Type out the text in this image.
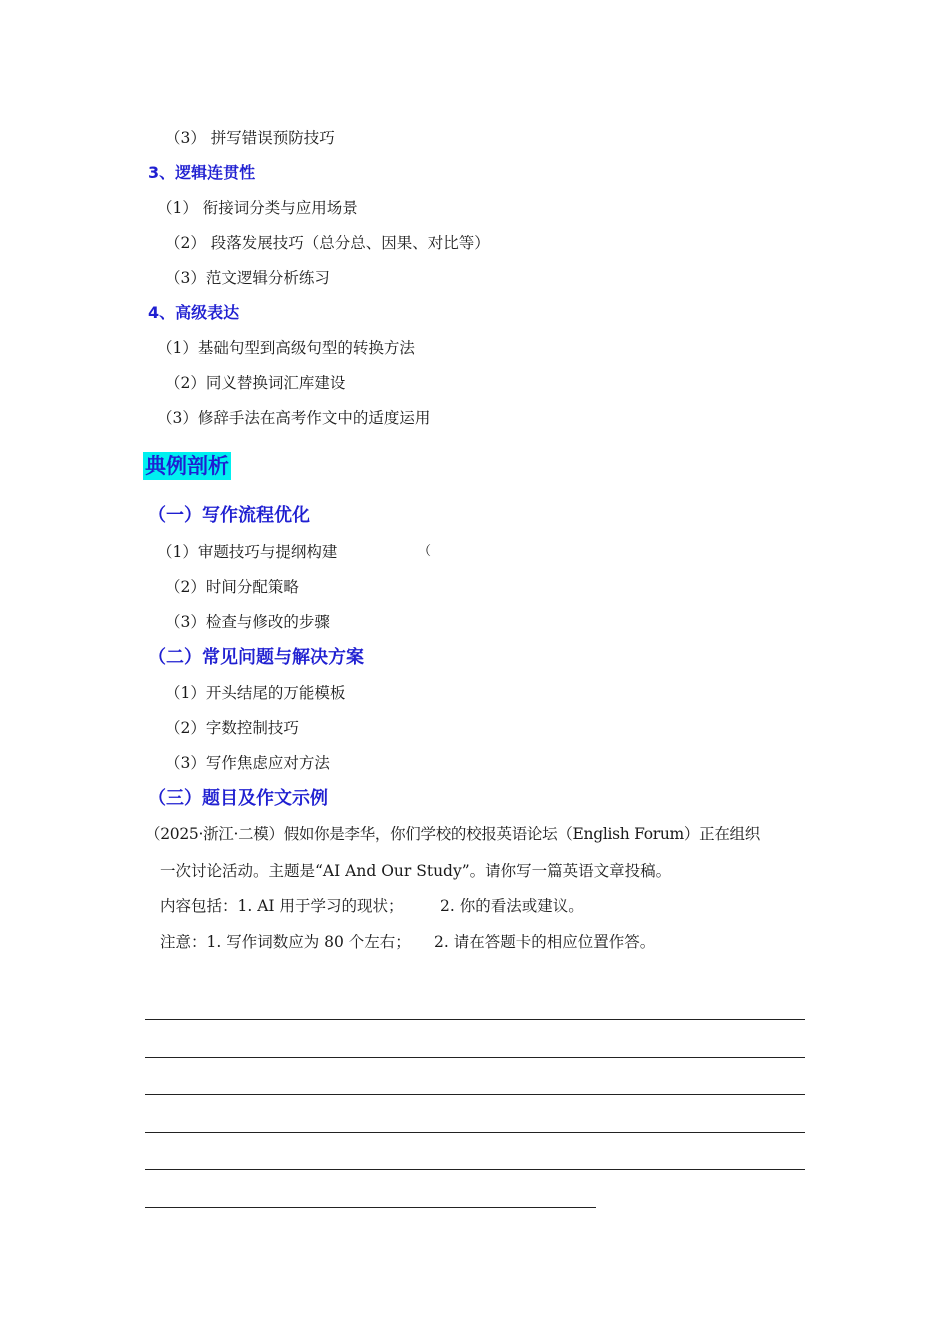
（3） 拼写错误预防技巧
3、逻辑连贯性
（1） 衔接词分类与应用场景
（2） 段落发展技巧（总分总、因果、对比等）
（3）范文逻辑分析练习
4、高级表达
（1）基础句型到高级句型的转换方法
（2）同义替换词汇库建设
（3）修辞手法在高考作文中的适度运用
典例剖析
（一）写作流程优化
（1）审题技巧与提纲构建	（
（2）时间分配策略
（3）检查与修改的步骤
（二）常见问题与解决方案
（1）开头结尾的万能模板
（2）字数控制技巧
（3）写作焦虑应对方法
（三）题目及作文示例
（2025·浙江·二模）假如你是李华，你们学校的校报英语论坛（English Forum）正在组织
一次讨论活动。主题是“AI And Our Study”。请你写一篇英语文章投稿。
内容包括：1. AI 用于学习的现状； 2. 你的看法或建议。
注意：1. 写作词数应为 80 个左右； 2. 请在答题卡的相应位置作答。
